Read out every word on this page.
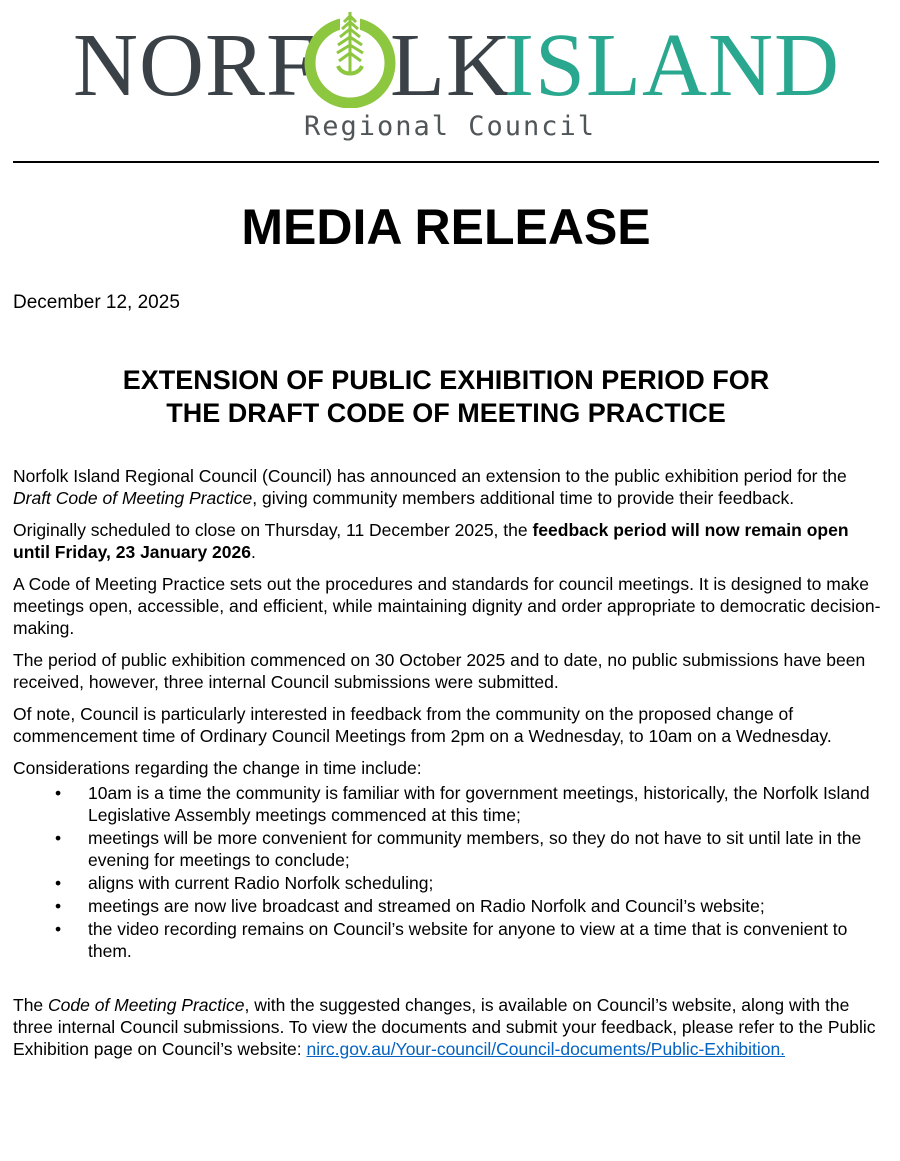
NORF LK
ISLAND
Regional Council
MEDIA RELEASE
December 12, 2025
EXTENSION OF PUBLIC EXHIBITION PERIOD FOR
THE DRAFT CODE OF MEETING PRACTICE

Norfolk Island Regional Council (Council) has announced an extension to the public exhibition period for the Draft Code of Meeting Practice, giving community members additional time to provide their feedback.

Originally scheduled to close on Thursday, 11 December 2025, the feedback period will now remain open until Friday, 23 January 2026.

A Code of Meeting Practice sets out the procedures and standards for council meetings. It is designed to make meetings open, accessible, and efficient, while maintaining dignity and order appropriate to democratic decision-making.

The period of public exhibition commenced on 30 October 2025 and to date, no public submissions have been received, however, three internal Council submissions were submitted.

Of note, Council is particularly interested in feedback from the community on the proposed change of commencement time of Ordinary Council Meetings from 2pm on a Wednesday, to 10am on a Wednesday.

Considerations regarding the change in time include:

• 10am is a time the community is familiar with for government meetings, historically, the Norfolk Island Legislative Assembly meetings commenced at this time;
• meetings will be more convenient for community members, so they do not have to sit until late in the evening for meetings to conclude;
• aligns with current Radio Norfolk scheduling;
• meetings are now live broadcast and streamed on Radio Norfolk and Council’s website;
• the video recording remains on Council’s website for anyone to view at a time that is convenient to them.

The Code of Meeting Practice, with the suggested changes, is available on Council’s website, along with the three internal Council submissions. To view the documents and submit your feedback, please refer to the Public Exhibition page on Council’s website: nirc.gov.au/Your-council/Council-documents/Public-Exhibition.
